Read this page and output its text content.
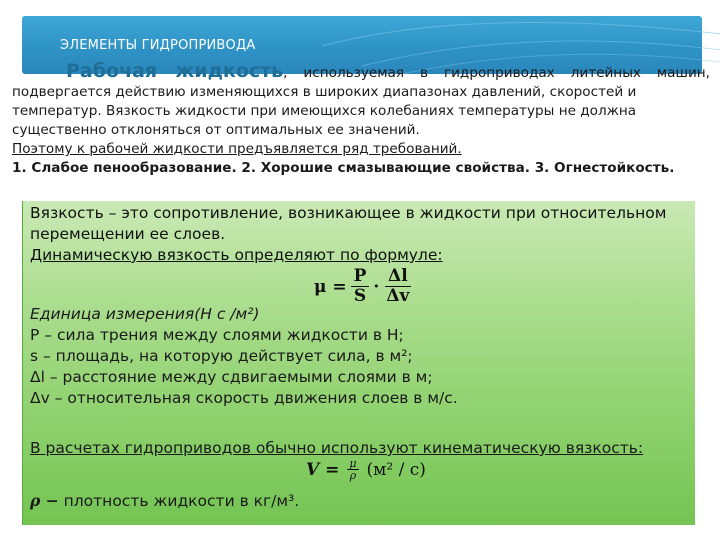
ЭЛЕМЕНТЫ ГИДРОПРИВОДА
Рабочая жидкость, используемая в гидроприводах литейных машин,
подвергается действию изменяющихся в широких диапазонах давлений, скоростей и
температур. Вязкость жидкости при имеющихся колебаниях температуры не должна
существенно отклоняться от оптимальных ее значений.
Поэтому к рабочей жидкости предъявляется ряд требований.
1. Слабое пенообразование. 2. Хорошие смазывающие свойства. 3. Огнестойкость.
Вязкость – это сопротивление, возникающее в жидкости при относительном
перемещении ее слоев.
Динамическую вязкость определяют по формуле:
$\mu = \frac{P}{S} \cdot \frac{\Delta l}{\Delta v}$
Единица измерения(Н с /м²)
P – сила трения между слоями жидкости в Н;
s – площадь, на которую действует сила, в м²;
Δl – расстояние между сдвигаемыми слоями в м;
Δv – относительная скорость движения слоев в м/с.
В расчетах гидроприводов обычно используют кинематическую вязкость:
$V = \frac{\mu}{\rho} (м^2 / с)$
ρ − плотность жидкости в кг/м³.
